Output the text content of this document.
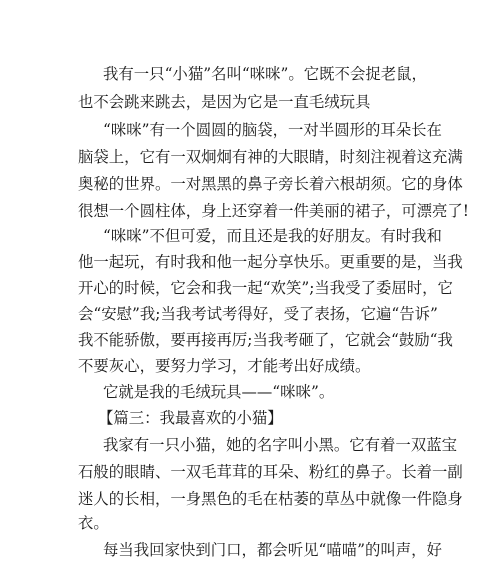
我有一只“小猫”名叫“咪咪”。它既不会捉老鼠，
也不会跳来跳去，是因为它是一直毛绒玩具
“咪咪”有一个圆圆的脑袋，一对半圆形的耳朵长在
脑袋上，它有一双炯炯有神的大眼睛，时刻注视着这充满
奥秘的世界。一对黑黑的鼻子旁长着六根胡须。它的身体
很想一个圆柱体，身上还穿着一件美丽的裙子，可漂亮了!
“咪咪”不但可爱，而且还是我的好朋友。有时我和
他一起玩，有时我和他一起分享快乐。更重要的是，当我
开心的时候，它会和我一起“欢笑”;当我受了委屈时，它
会“安慰”我;当我考试考得好，受了表扬，它遍“告诉”
我不能骄傲，要再接再厉;当我考砸了，它就会“鼓励“我
不要灰心，要努力学习，才能考出好成绩。
它就是我的毛绒玩具——“咪咪”。
【篇三：我最喜欢的小猫】
我家有一只小猫，她的名字叫小黑。它有着一双蓝宝
石般的眼睛、一双毛茸茸的耳朵、粉红的鼻子。长着一副
迷人的长相，一身黑色的毛在枯萎的草丛中就像一件隐身
衣。
每当我回家快到门口，都会听见“喵喵”的叫声，好
